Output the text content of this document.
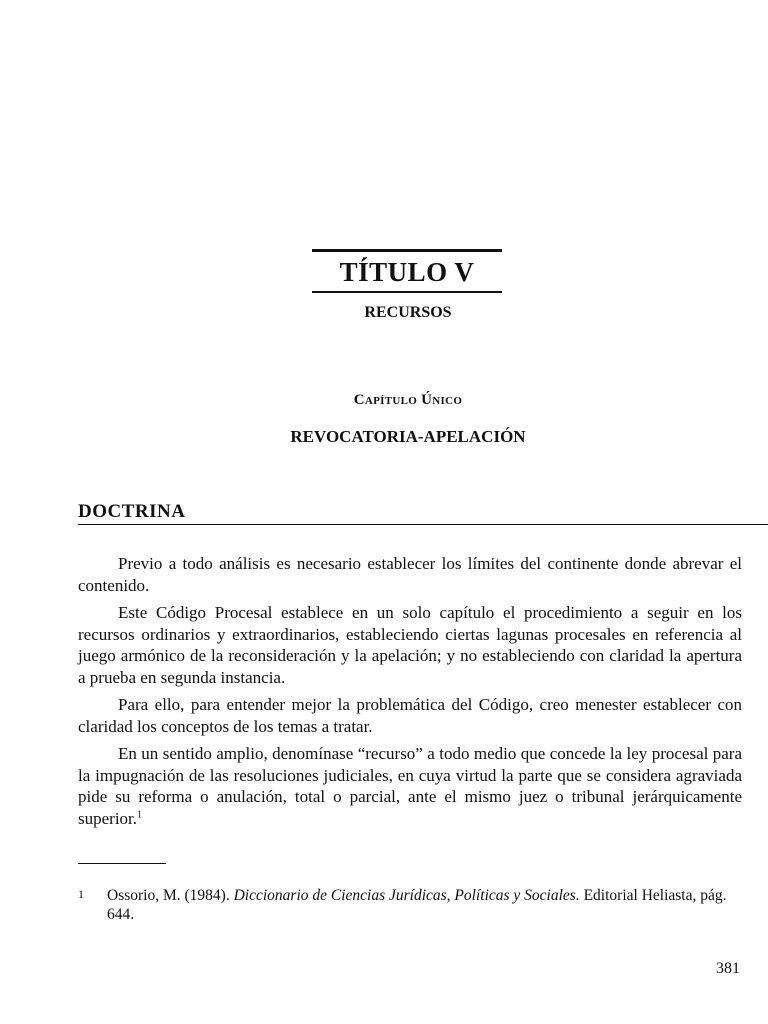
TÍTULO V
RECURSOS
Capítulo Único
REVOCATORIA-APELACIÓN
DOCTRINA

Previo a todo análisis es necesario establecer los límites del continente donde abrevar el contenido.

Este Código Procesal establece en un solo capítulo el procedimiento a seguir en los recursos ordinarios y extraordinarios, estableciendo ciertas lagunas procesales en referencia al juego armónico de la reconsideración y la apelación; y no estableciendo con claridad la apertura a prueba en segunda instancia.

Para ello, para entender mejor la problemática del Código, creo menester establecer con claridad los conceptos de los temas a tratar.

En un sentido amplio, denomínase “recurso” a todo medio que concede la ley procesal para la impugnación de las resoluciones judiciales, en cuya virtud la parte que se considera agraviada pide su reforma o anulación, total o parcial, ante el mismo juez o tribunal jerárquicamente superior.$^1$

1 Ossorio, M. (1984). Diccionario de Ciencias Jurídicas, Políticas y Sociales. Editorial Heliasta, pág. 644.
381
